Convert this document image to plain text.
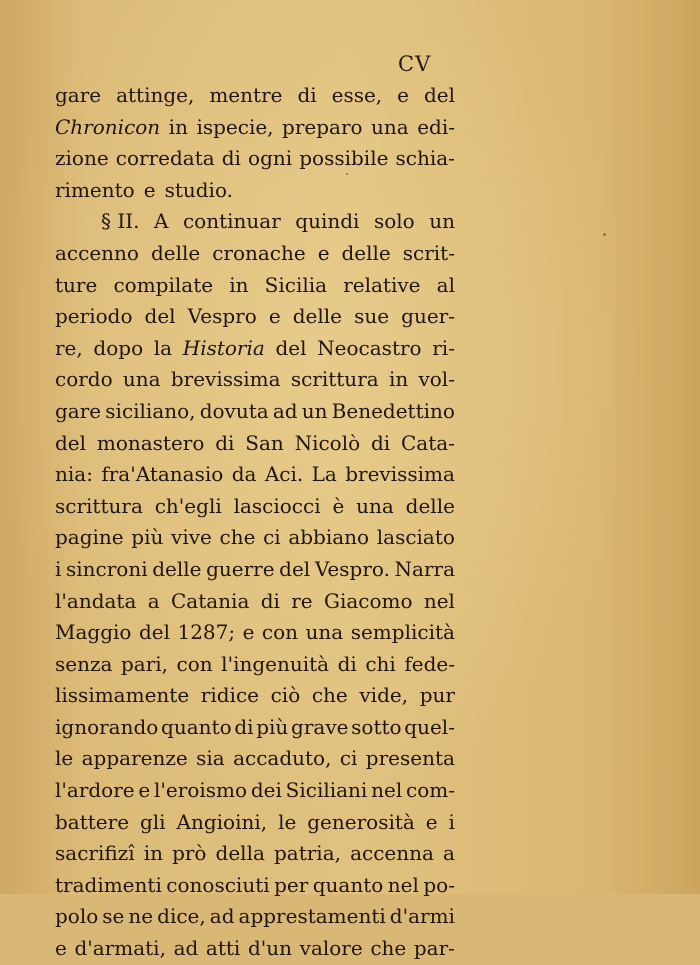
CV
gare attinge, mentre di esse, e del
Chronicon in ispecie, preparo una edi-
zione corredata di ogni possibile schia-
rimento e studio.
§ II. A continuar quindi solo un
accenno delle cronache e delle scrit-
ture compilate in Sicilia relative al
periodo del Vespro e delle sue guer-
re, dopo la Historia del Neocastro ri-
cordo una brevissima scrittura in vol-
gare siciliano, dovuta ad un Benedettino
del monastero di San Nicolò di Cata-
nia: fra'Atanasio da Aci. La brevissima
scrittura ch'egli lasciocci è una delle
pagine più vive che ci abbiano lasciato
i sincroni delle guerre del Vespro. Narra
l'andata a Catania di re Giacomo nel
Maggio del 1287; e con una semplicità
senza pari, con l'ingenuità di chi fede-
lissimamente ridice ciò che vide, pur
ignorando quanto di più grave sotto quel-
le apparenze sia accaduto, ci presenta
l'ardore e l'eroismo dei Siciliani nel com-
battere gli Angioini, le generosità e i
sacrifizî in prò della patria, accenna a
tradimenti conosciuti per quanto nel po-
polo se ne dice, ad apprestamenti d'armi
e d'armati, ad atti d'un valore che par-
